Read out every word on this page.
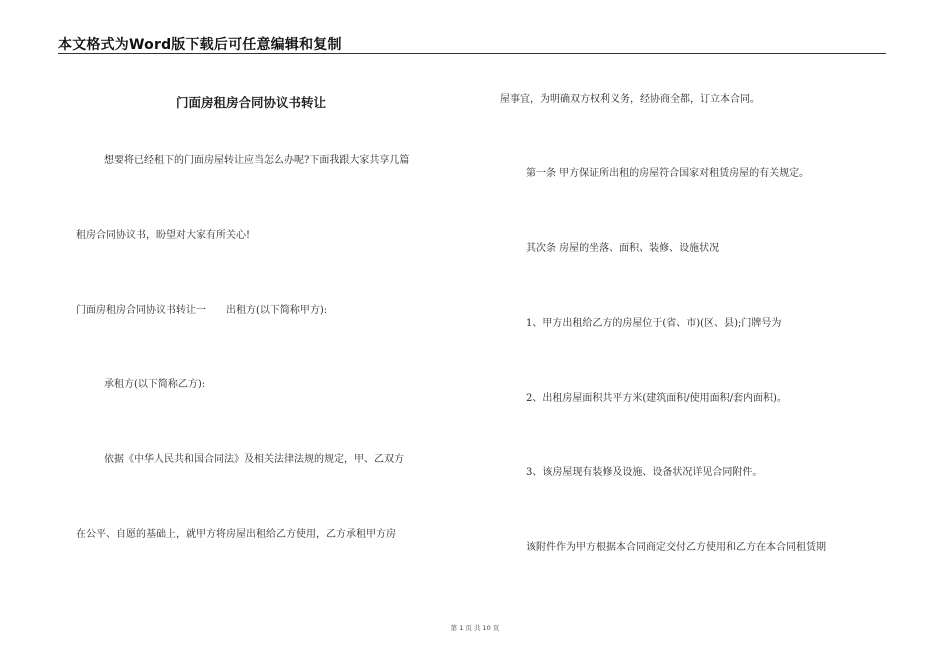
本文格式为Word版下载后可任意编辑和复制
门面房租房合同协议书转让
想要将已经租下的门面房屋转让应当怎么办呢?下面我跟大家共享几篇
租房合同协议书，盼望对大家有所关心!
门面房租房合同协议书转让一　　出租方(以下简称甲方):
承租方(以下简称乙方):
依据《中华人民共和国合同法》及相关法律法规的规定，甲、乙双方
在公平、自愿的基础上，就甲方将房屋出租给乙方使用，乙方承租甲方房
屋事宜，为明确双方权利义务，经协商全都，订立本合同。
第一条 甲方保证所出租的房屋符合国家对租赁房屋的有关规定。
其次条 房屋的坐落、面积、装修、设施状况
1、甲方出租给乙方的房屋位于(省、市)(区、县);门牌号为
2、出租房屋面积共平方米(建筑面积/使用面积/套内面积)。
3、该房屋现有装修及设施、设备状况详见合同附件。
该附件作为甲方根据本合同商定交付乙方使用和乙方在本合同租赁期
第 1 页 共 10 页
